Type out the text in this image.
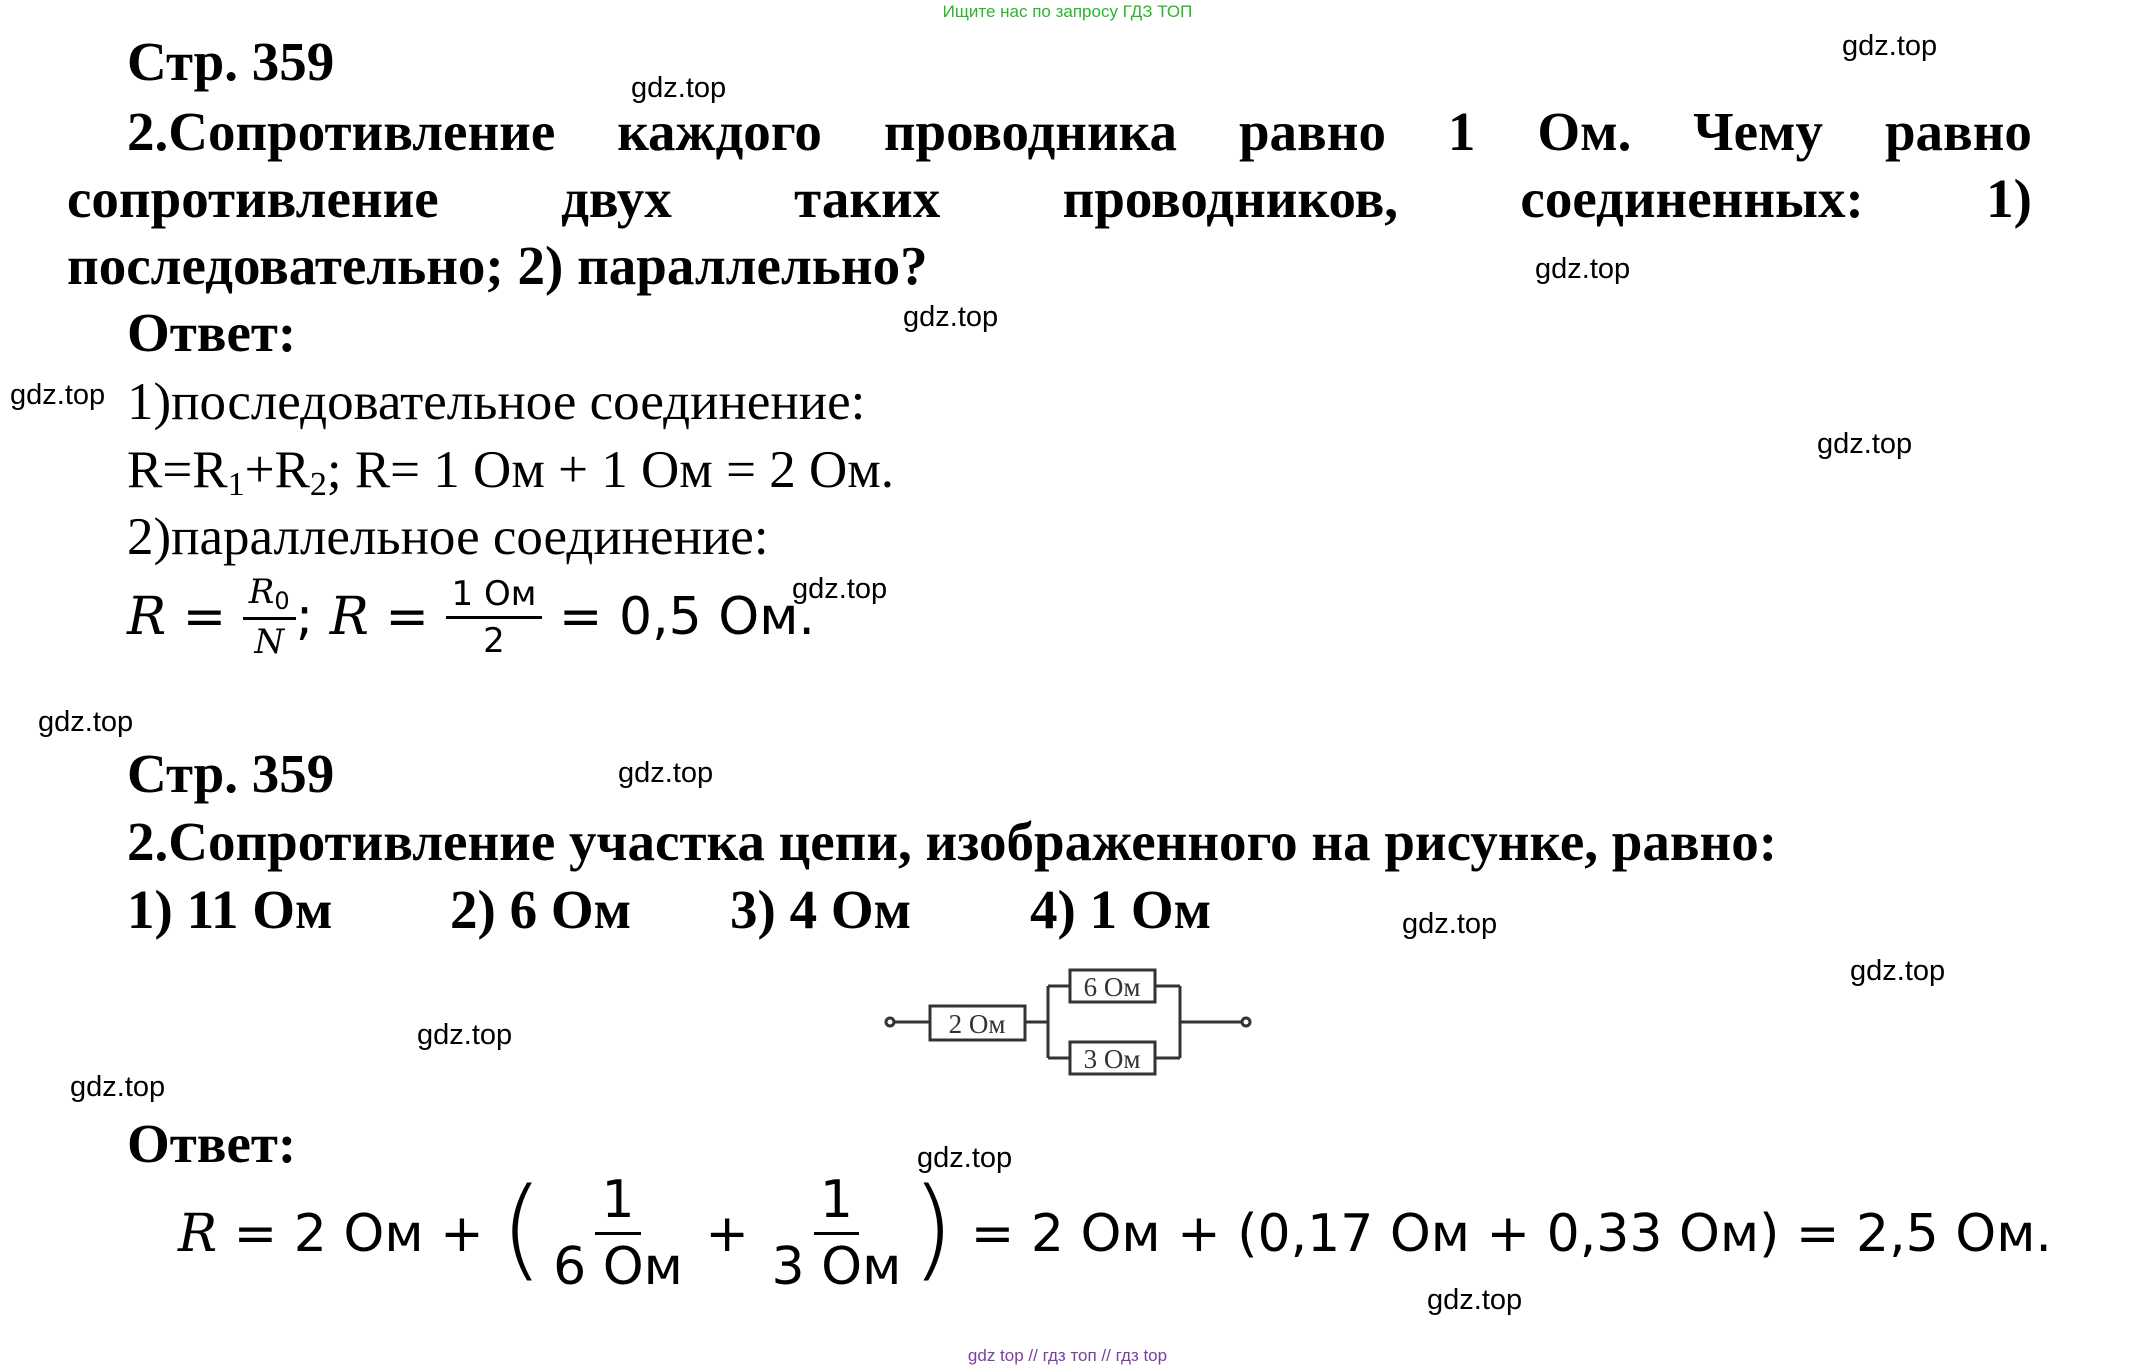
Ищите нас по запросу ГДЗ ТОП
gdz top // гдз топ // гдз top
gdz.top
gdz.top
gdz.top
gdz.top
gdz.top
gdz.top
gdz.top
gdz.top
gdz.top
gdz.top
gdz.top
gdz.top
gdz.top
gdz.top
gdz.top
Стр. 359
2.Сопротивление каждого проводника равно 1 Ом. Чему равно
сопротивление двух таких проводников, соединенных: 1)
последовательно; 2) параллельно?
Ответ:
1)последовательное соединение:
$R=R_1+R_2$; R= 1 Ом + 1 Ом = 2 Ом.
2)параллельное соединение:
$R = \frac{R0}{N}$ ; $R = \frac{1 Ом}{2} = 0,5$ Ом.
Стр. 359
2.Сопротивление участка цепи, изображенного на рисунке, равно:
1) 11 Ом 2) 6 Ом 3) 4 Ом 4) 1 Ом
2 Ом
6 Ом
3 Ом
Ответ:
R = 2 Ом + ( $\frac{1}{6 Ом} + \frac{1}{3 Ом}$ ) = 2 Ом + (0,17 Ом + 0,33 Ом) = 2,5 Ом.
